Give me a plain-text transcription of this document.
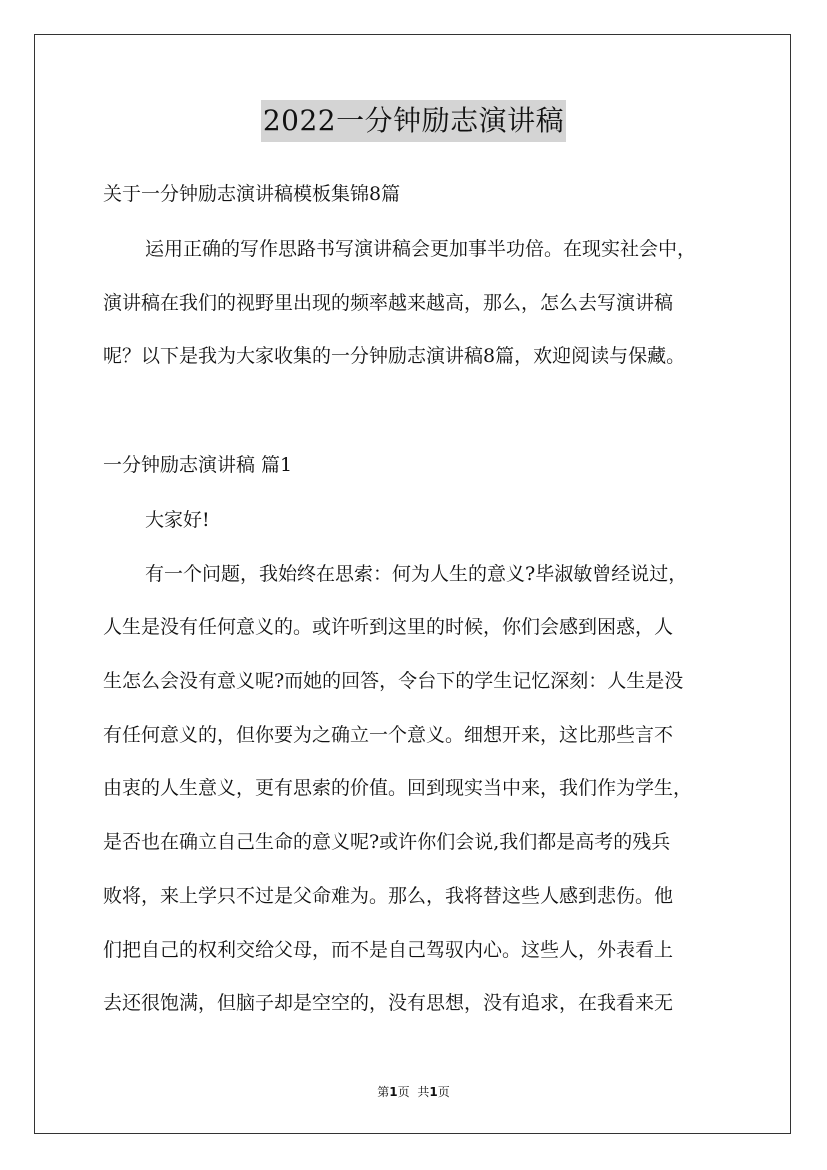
2022一分钟励志演讲稿
关于一分钟励志演讲稿模板集锦8篇
运用正确的写作思路书写演讲稿会更加事半功倍。在现实社会中，
演讲稿在我们的视野里出现的频率越来越高，那么，怎么去写演讲稿
呢？以下是我为大家收集的一分钟励志演讲稿8篇，欢迎阅读与保藏。
一分钟励志演讲稿 篇1
大家好!
有一个问题，我始终在思索：何为人生的意义?毕淑敏曾经说过，
人生是没有任何意义的。或许听到这里的时候，你们会感到困惑，人
生怎么会没有意义呢?而她的回答，令台下的学生记忆深刻：人生是没
有任何意义的，但你要为之确立一个意义。细想开来，这比那些言不
由衷的人生意义，更有思索的价值。回到现实当中来，我们作为学生，
是否也在确立自己生命的意义呢?或许你们会说,我们都是高考的残兵
败将，来上学只不过是父命难为。那么，我将替这些人感到悲伤。他
们把自己的权利交给父母，而不是自己驾驭内心。这些人，外表看上
去还很饱满，但脑子却是空空的，没有思想，没有追求，在我看来无
第1页 共1页
